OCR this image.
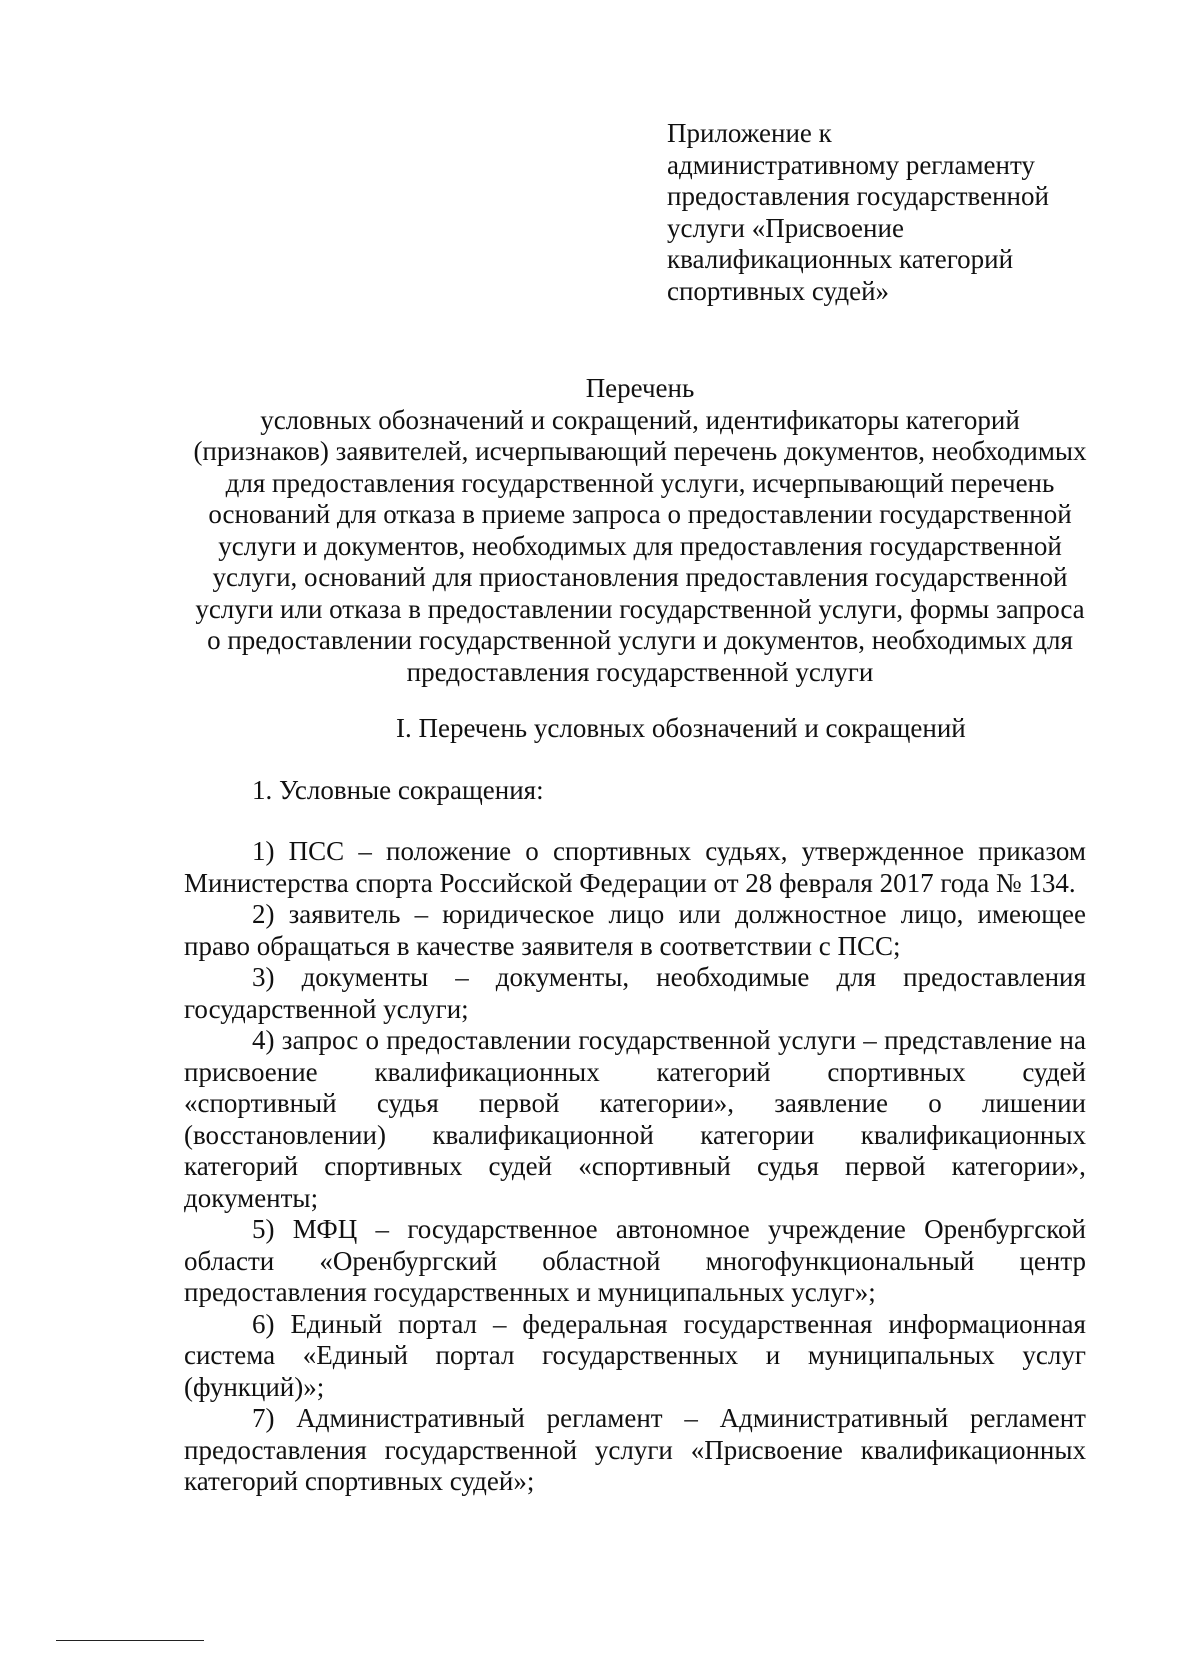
Приложение к
административному регламенту
предоставления государственной
услуги «Присвоение
квалификационных категорий
спортивных судей»
Перечень
условных обозначений и сокращений, идентификаторы категорий
(признаков) заявителей, исчерпывающий перечень документов, необходимых
для предоставления государственной услуги, исчерпывающий перечень
оснований для отказа в приеме запроса о предоставлении государственной
услуги и документов, необходимых для предоставления государственной
услуги, оснований для приостановления предоставления государственной
услуги или отказа в предоставлении государственной услуги, формы запроса
о предоставлении государственной услуги и документов, необходимых для
предоставления государственной услуги
I. Перечень условных обозначений и сокращений
1. Условные сокращения:
1) ПСС – положение о спортивных судьях, утвержденное приказом
Министерства спорта Российской Федерации от 28 февраля 2017 года № 134.
2) заявитель – юридическое лицо или должностное лицо, имеющее
право обращаться в качестве заявителя в соответствии с ПСС;
3) документы – документы, необходимые для предоставления
государственной услуги;
4) запрос о предоставлении государственной услуги – представление на
присвоение квалификационных категорий спортивных судей
«спортивный судья первой категории», заявление о лишении
(восстановлении) квалификационной категории квалификационных
категорий спортивных судей «спортивный судья первой категории»,
документы;
5) МФЦ – государственное автономное учреждение Оренбургской
области «Оренбургский областной многофункциональный центр
предоставления государственных и муниципальных услуг»;
6) Единый портал – федеральная государственная информационная
система «Единый портал государственных и муниципальных услуг
(функций)»;
7) Административный регламент – Административный регламент
предоставления государственной услуги «Присвоение квалификационных
категорий спортивных судей»;
